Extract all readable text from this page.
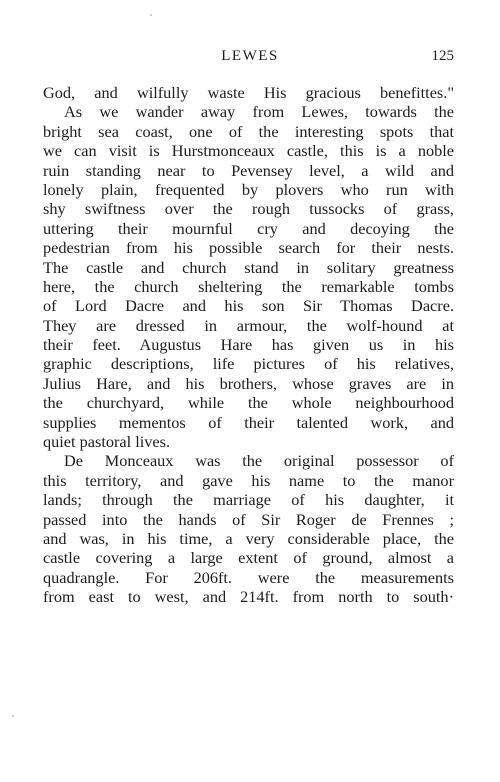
LEWES	125
God, and wilfully waste His gracious benefittes."
As we wander away from Lewes, towards the
bright sea coast, one of the interesting spots that
we can visit is Hurstmonceaux castle, this is a noble
ruin standing near to Pevensey level, a wild and
lonely plain, frequented by plovers who run with
shy swiftness over the rough tussocks of grass,
uttering their mournful cry and decoying the
pedestrian from his possible search for their nests.
The castle and church stand in solitary greatness
here, the church sheltering the remarkable tombs
of Lord Dacre and his son Sir Thomas Dacre.
They are dressed in armour, the wolf-hound at
their feet. Augustus Hare has given us in his
graphic descriptions, life pictures of his relatives,
Julius Hare, and his brothers, whose graves are in
the churchyard, while the whole neighbourhood
supplies mementos of their talented work, and
quiet pastoral lives.
De Monceaux was the original possessor of
this territory, and gave his name to the manor
lands; through the marriage of his daughter, it
passed into the hands of Sir Roger de Frennes ;
and was, in his time, a very considerable place, the
castle covering a large extent of ground, almost a
quadrangle. For 206ft. were the measurements
from east to west, and 214ft. from north to south·
